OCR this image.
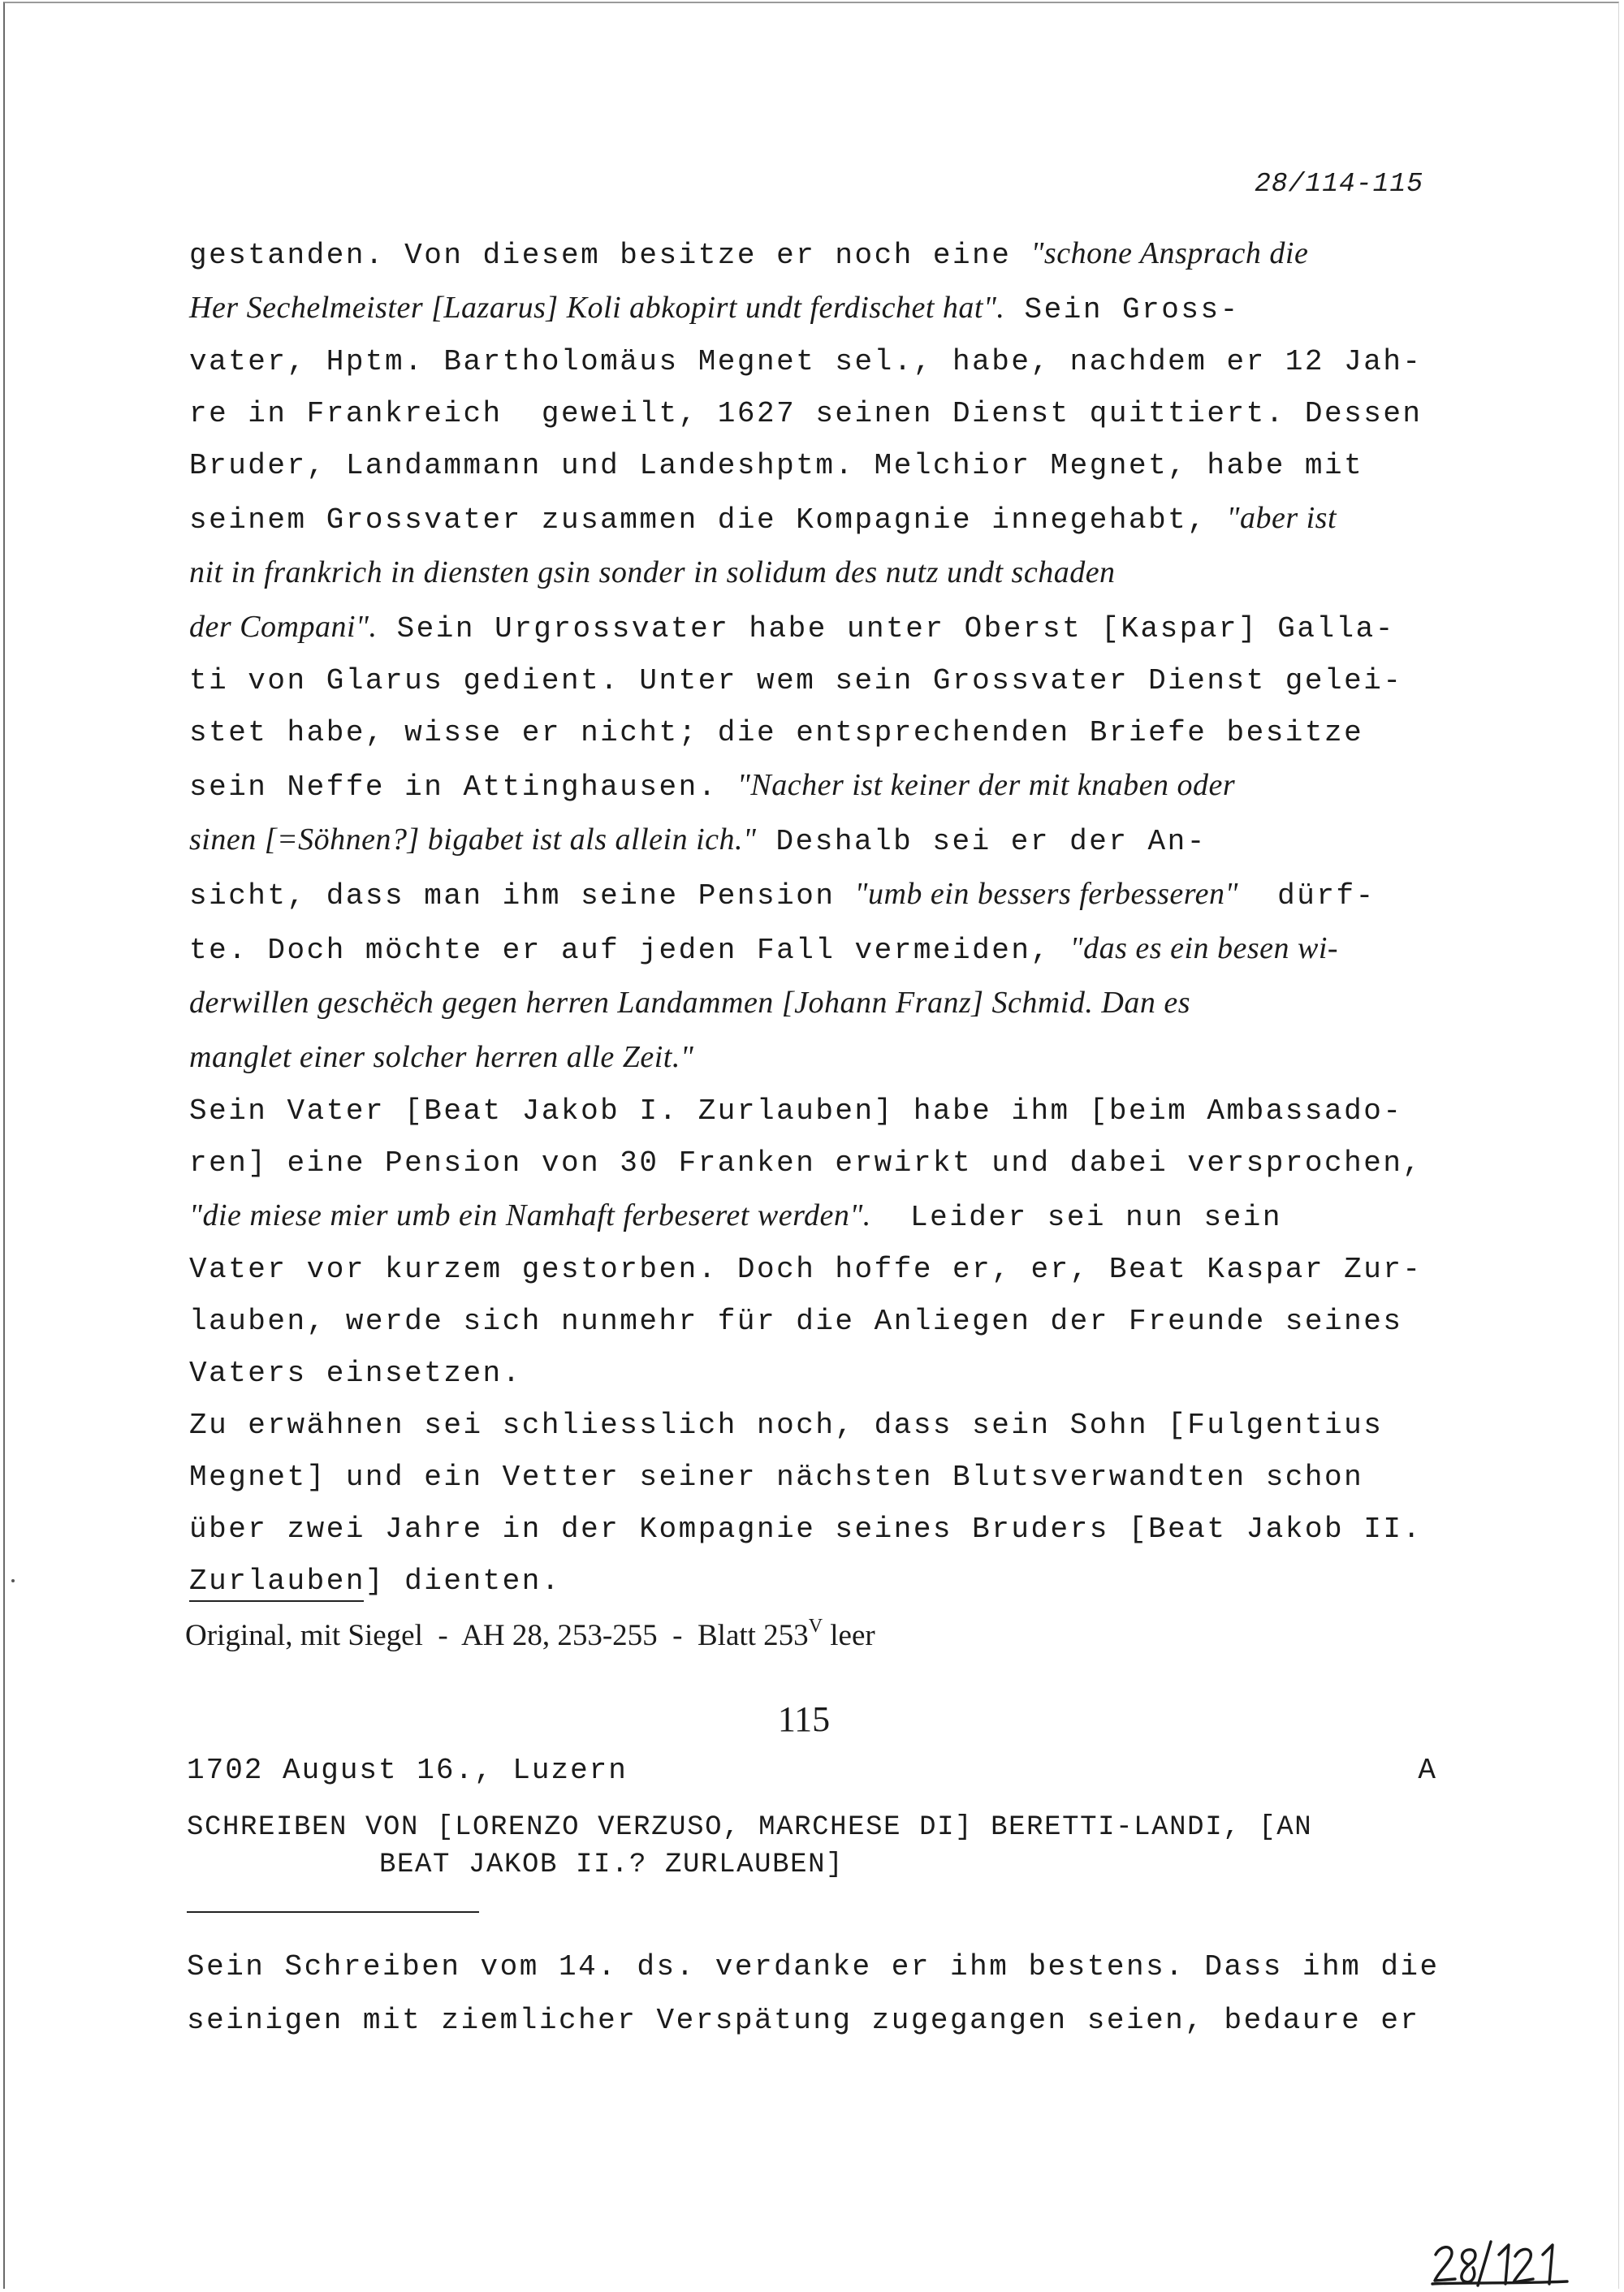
28/114-115
gestanden. Von diesem besitze er noch eine "schone Ansprach die
Her Sechelmeister [Lazarus] Koli abkopirt undt ferdischet hat". Sein Gross-
vater, Hptm. Bartholomäus Megnet sel., habe, nachdem er 12 Jah-
re in Frankreich  geweilt, 1627 seinen Dienst quittiert. Dessen
Bruder, Landammann und Landeshptm. Melchior Megnet, habe mit
seinem Grossvater zusammen die Kompagnie innegehabt, "aber ist
nit in frankrich in diensten gsin sonder in solidum des nutz undt schaden
der Compani". Sein Urgrossvater habe unter Oberst [Kaspar] Galla-
ti von Glarus gedient. Unter wem sein Grossvater Dienst gelei-
stet habe, wisse er nicht; die entsprechenden Briefe besitze
sein Neffe in Attinghausen. "Nacher ist keiner der mit knaben oder
sinen [=Söhnen?] bigabet ist als allein ich." Deshalb sei er der An-
sicht, dass man ihm seine Pension "umb ein bessers ferbesseren"  dürf-
te. Doch möchte er auf jeden Fall vermeiden, "das es ein besen wi-
derwillen geschëch gegen herren Landammen [Johann Franz] Schmid. Dan es
manglet einer solcher herren alle Zeit."
Sein Vater [Beat Jakob I. Zurlauben] habe ihm [beim Ambassado-
ren] eine Pension von 30 Franken erwirkt und dabei versprochen,
"die miese mier umb ein Namhaft ferbeseret werden".  Leider sei nun sein
Vater vor kurzem gestorben. Doch hoffe er, er, Beat Kaspar Zur-
lauben, werde sich nunmehr für die Anliegen der Freunde seines
Vaters einsetzen.
Zu erwähnen sei schliesslich noch, dass sein Sohn [Fulgentius
Megnet] und ein Vetter seiner nächsten Blutsverwandten schon
über zwei Jahre in der Kompagnie seines Bruders [Beat Jakob II.
Zurlauben] dienten.
Original, mit Siegel  -  AH 28, 253-255  -  Blatt $253^V$ leer
115
1702 August 16., Luzern	A
SCHREIBEN VON [LORENZO VERZUSO, MARCHESE DI] BERETTI-LANDI, [AN
BEAT JAKOB II.? ZURLAUBEN]
Sein Schreiben vom 14. ds. verdanke er ihm bestens. Dass ihm die
seinigen mit ziemlicher Verspätung zugegangen seien, bedaure er
